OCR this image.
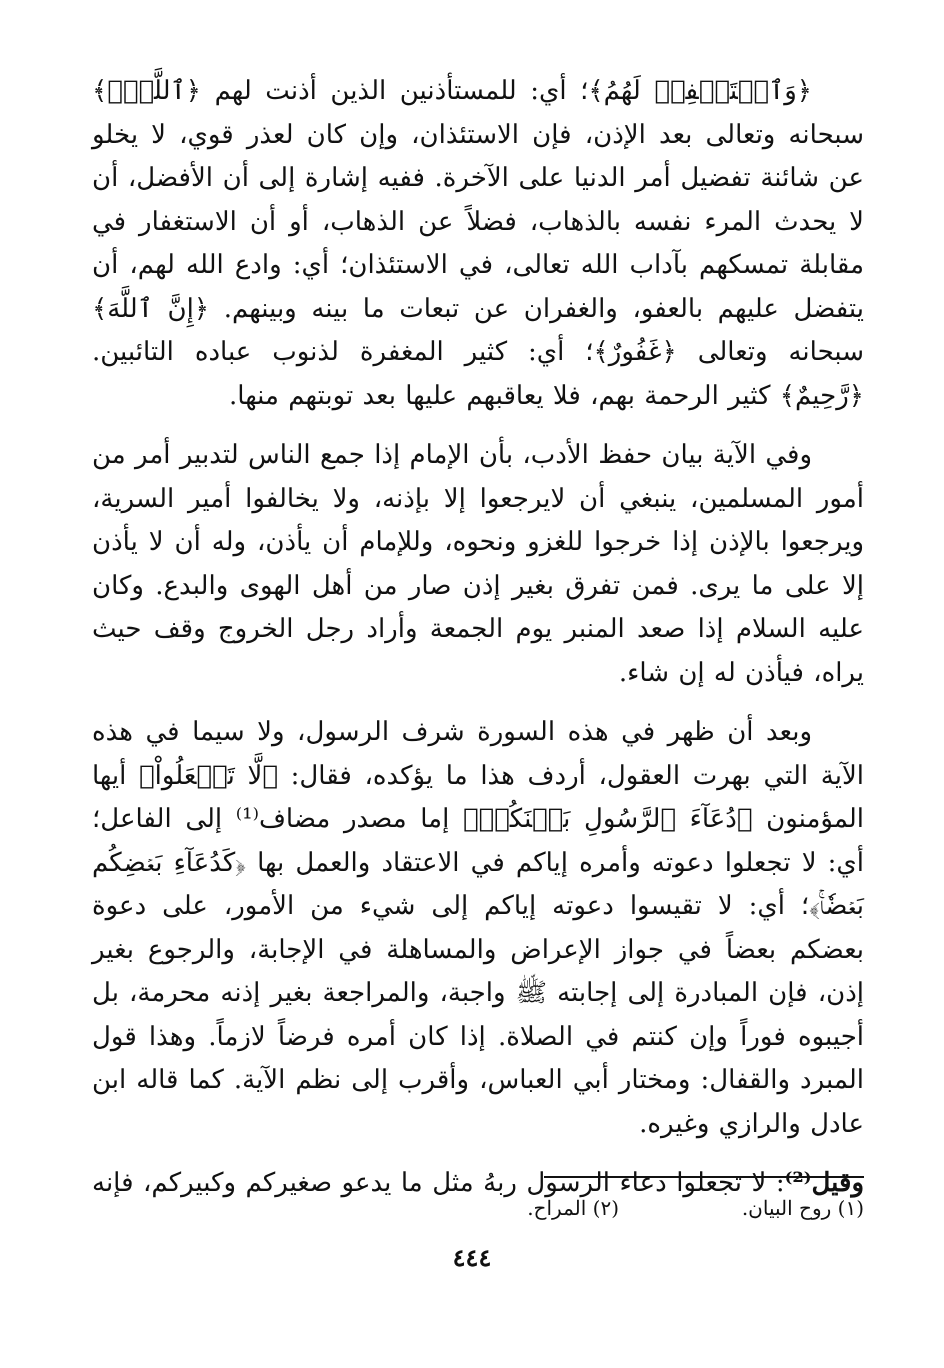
﴿وَٱسۡتَغۡفِرۡ لَهُمُ﴾؛ أي: للمستأذنين الذين أذنت لهم ﴿ٱللَّهَۚ﴾ سبحانه وتعالى بعد الإذن، فإن الاستئذان، وإن كان لعذر قوي، لا يخلو عن شائنة تفضيل أمر الدنيا على الآخرة. ففيه إشارة إلى أن الأفضل، أن لا يحدث المرء نفسه بالذهاب، فضلاً عن الذهاب، أو أن الاستغفار في مقابلة تمسكهم بآداب الله تعالى، في الاستئذان؛ أي: وادع الله لهم، أن يتفضل عليهم بالعفو، والغفران عن تبعات ما بينه وبينهم. ﴿إِنَّ ٱللَّهَ﴾ سبحانه وتعالى ﴿غَفُورٌ﴾؛ أي: كثير المغفرة لذنوب عباده التائبين. ﴿رَّحِيمٌ﴾ كثير الرحمة بهم، فلا يعاقبهم عليها بعد توبتهم منها.

وفي الآية بيان حفظ الأدب، بأن الإمام إذا جمع الناس لتدبير أمر من أمور المسلمين، ينبغي أن لايرجعوا إلا بإذنه، ولا يخالفوا أمير السرية، ويرجعوا بالإذن إذا خرجوا للغزو ونحوه، وللإمام أن يأذن، وله أن لا يأذن إلا على ما يرى. فمن تفرق بغير إذن صار من أهل الهوى والبدع. وكان عليه السلام إذا صعد المنبر يوم الجمعة وأراد رجل الخروج وقف حيث يراه، فيأذن له إن شاء.

وبعد أن ظهر في هذه السورة شرف الرسول، ولا سيما في هذه الآية التي بهرت العقول، أردف هذا ما يؤكده، فقال: ﴿لَّا تَجۡعَلُواْ﴾ أيها المؤمنون ﴿دُعَآءَ ٱلرَّسُولِ بَيۡنَكُمۡ﴾ إما مصدر مضاف⁽¹⁾ إلى الفاعل؛ أي: لا تجعلوا دعوته وأمره إياكم في الاعتقاد والعمل بها ﴿كَدُعَآءِ بَعۡضِكُم بَعۡضٗاۚ﴾؛ أي: لا تقيسوا دعوته إياكم إلى شيء من الأمور، على دعوة بعضكم بعضاً في جواز الإعراض والمساهلة في الإجابة، والرجوع بغير إذن، فإن المبادرة إلى إجابته ﷺ واجبة، والمراجعة بغير إذنه محرمة، بل أجيبوه فوراً وإن كنتم في الصلاة. إذا كان أمره فرضاً لازماً. وهذا قول المبرد والقفال: ومختار أبي العباس، وأقرب إلى نظم الآية. كما قاله ابن عادل والرازي وغيره.

وقيل⁽²⁾: لا تجعلوا دعاء الرسول ربهُ مثل ما يدعو صغيركم وكبيركم، فإنه

(١) روح البيان.
(٢) المراح.
٤٤٤
